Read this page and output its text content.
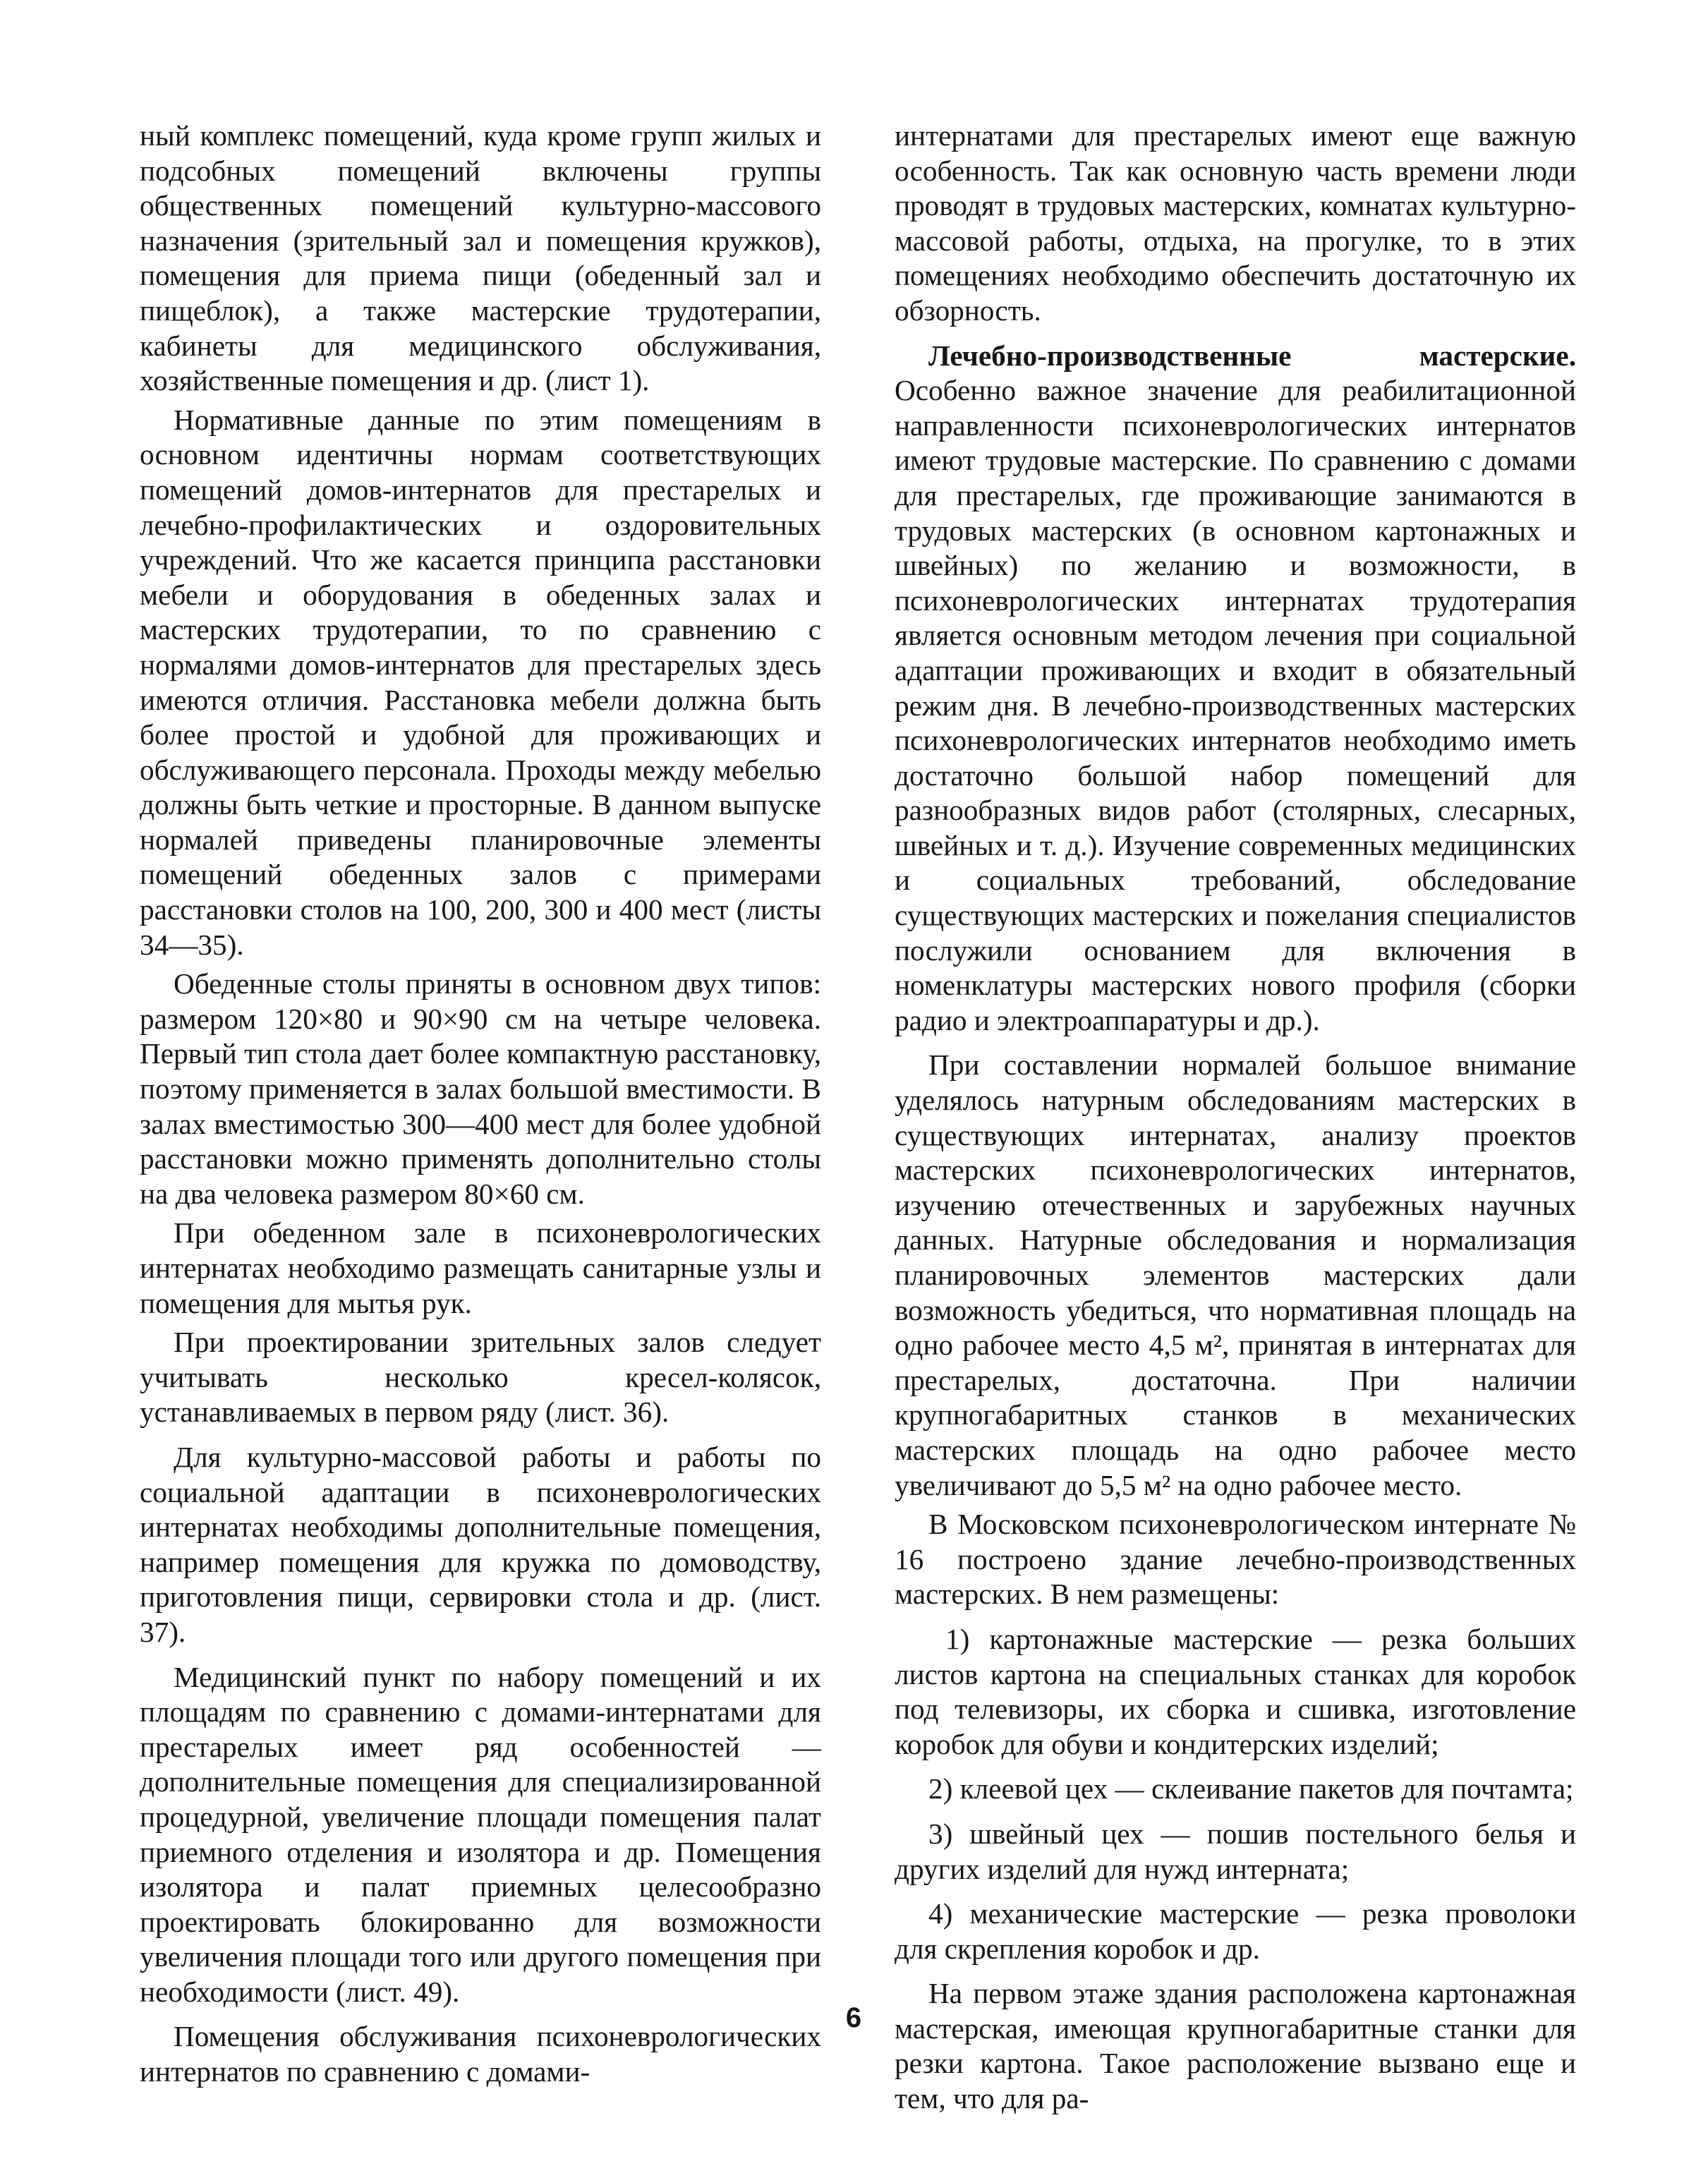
ный комплекс помещений, куда кроме групп жилых и подсобных помещений включены группы общественных помещений культурно-массового назначения (зрительный зал и помещения кружков), помещения для приема пищи (обеденный зал и пищеблок), а также мастерские трудотерапии, кабинеты для медицинского обслуживания, хозяйственные помещения и др. (лист 1).

Нормативные данные по этим помещениям в основном идентичны нормам соответствующих помещений домов-интернатов для престарелых и лечебно-профилактических и оздоровительных учреждений. Что же касается принципа расстановки мебели и оборудования в обеденных залах и мастерских трудотерапии, то по сравнению с нормалями домов-интернатов для престарелых здесь имеются отличия. Расстановка мебели должна быть более простой и удобной для проживающих и обслуживающего персонала. Проходы между мебелью должны быть четкие и просторные. В данном выпуске нормалей приведены планировочные элементы помещений обеденных залов с примерами расстановки столов на 100, 200, 300 и 400 мест (листы 34—35).

Обеденные столы приняты в основном двух типов: размером 120×80 и 90×90 см на четыре человека. Первый тип стола дает более компактную расстановку, поэтому применяется в залах большой вместимости. В залах вместимостью 300—400 мест для более удобной расстановки можно применять дополнительно столы на два человека размером 80×60 см.

При обеденном зале в психоневрологических интернатах необходимо размещать санитарные узлы и помещения для мытья рук.

При проектировании зрительных залов следует учитывать несколько кресел-колясок, устанавливаемых в первом ряду (лист. 36).

Для культурно-массовой работы и работы по социальной адаптации в психоневрологических интернатах необходимы дополнительные помещения, например помещения для кружка по домоводству, приготовления пищи, сервировки стола и др. (лист. 37).

Медицинский пункт по набору помещений и их площадям по сравнению с домами-интернатами для престарелых имеет ряд особенностей — дополнительные помещения для специализированной процедурной, увеличение площади помещения палат приемного отделения и изолятора и др. Помещения изолятора и палат приемных целесообразно проектировать блокированно для возможности увеличения площади того или другого помещения при необходимости (лист. 49).

Помещения обслуживания психоневрологических интернатов по сравнению с домами-

интернатами для престарелых имеют еще важную особенность. Так как основную часть времени люди проводят в трудовых мастерских, комнатах культурно-массовой работы, отдыха, на прогулке, то в этих помещениях необходимо обеспечить достаточную их обзорность.

Лечебно-производственные мастерские. Особенно важное значение для реабилитационной направленности психоневрологических интернатов имеют трудовые мастерские. По сравнению с домами для престарелых, где проживающие занимаются в трудовых мастерских (в основном картонажных и швейных) по желанию и возможности, в психоневрологических интернатах трудотерапия является основным методом лечения при социальной адаптации проживающих и входит в обязательный режим дня. В лечебно-производственных мастерских психоневрологических интернатов необходимо иметь достаточно большой набор помещений для разнообразных видов работ (столярных, слесарных, швейных и т. д.). Изучение современных медицинских и социальных требований, обследование существующих мастерских и пожелания специалистов послужили основанием для включения в номенклатуры мастерских нового профиля (сборки радио и электроаппаратуры и др.).

При составлении нормалей большое внимание уделялось натурным обследованиям мастерских в существующих интернатах, анализу проектов мастерских психоневрологических интернатов, изучению отечественных и зарубежных научных данных. Натурные обследования и нормализация планировочных элементов мастерских дали возможность убедиться, что нормативная площадь на одно рабочее место 4,5 м², принятая в интернатах для престарелых, достаточна. При наличии крупногабаритных станков в механических мастерских площадь на одно рабочее место увеличивают до 5,5 м² на одно рабочее место.

В Московском психоневрологическом интернате № 16 построено здание лечебно-производственных мастерских. В нем размещены:

1) картонажные мастерские — резка больших листов картона на специальных станках для коробок под телевизоры, их сборка и сшивка, изготовление коробок для обуви и кондитерских изделий;

2) клеевой цех — склеивание пакетов для почтамта;

3) швейный цех — пошив постельного белья и других изделий для нужд интерната;

4) механические мастерские — резка проволоки для скрепления коробок и др.

На первом этаже здания расположена картонажная мастерская, имеющая крупногабаритные станки для резки картона. Такое расположение вызвано еще и тем, что для ра-

6
